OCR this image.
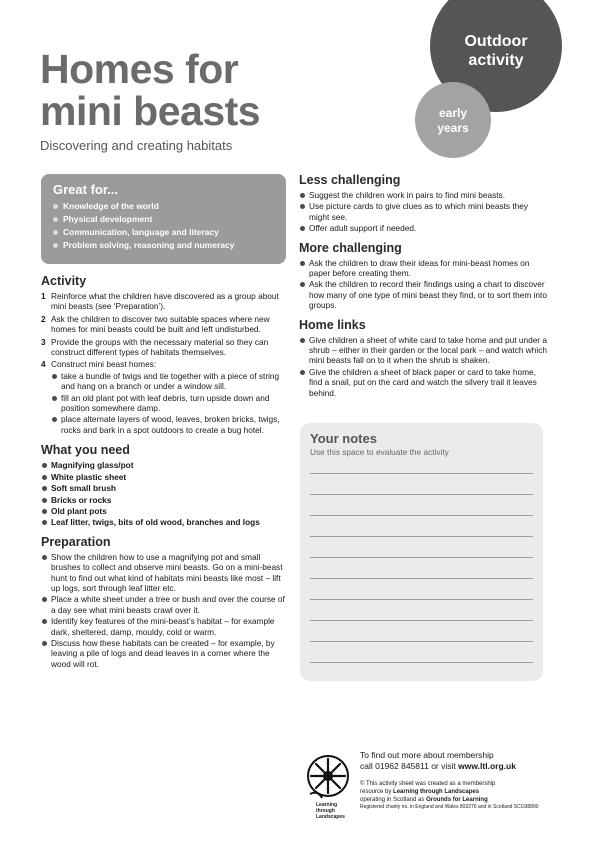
Homes for
mini beasts
Discovering and creating habitats
Outdoor
activity
early
years
Great for...
Knowledge of the world
Physical development
Communication, language and literacy
Problem solving, reasoning and numeracy
Activity
1 Reinforce what the children have discovered as a group about mini beasts (see ‘Preparation’).
2 Ask the children to discover two suitable spaces where new homes for mini beasts could be built and left undisturbed.
3 Provide the groups with the necessary material so they can construct different types of habitats themselves.
4 Construct mini beast homes:
take a bundle of twigs and tie together with a piece of string and hang on a branch or under a window sill.
fill an old plant pot with leaf debris, turn upside down and position somewhere damp.
place alternate layers of wood, leaves, broken bricks, twigs, rocks and bark in a spot outdoors to create a bug hotel.
What you need
Magnifying glass/pot
White plastic sheet
Soft small brush
Bricks or rocks
Old plant pots
Leaf litter, twigs, bits of old wood, branches and logs
Preparation
Show the children how to use a magnifying pot and small brushes to collect and observe mini beasts. Go on a mini-beast hunt to find out what kind of habitats mini beasts like most – lift up logs, sort through leaf litter etc.
Place a white sheet under a tree or bush and over the course of a day see what mini beasts crawl over it.
Identify key features of the mini-beast’s habitat – for example dark, sheltered, damp, mouldy, cold or warm.
Discuss how these habitats can be created – for example, by leaving a pile of logs and dead leaves in a corner where the wood will rot.
Less challenging
Suggest the children work in pairs to find mini beasts.
Use picture cards to give clues as to which mini beasts they might see.
Offer adult support if needed.
More challenging
Ask the children to draw their ideas for mini-beast homes on paper before creating them.
Ask the children to record their findings using a chart to discover how many of one type of mini beast they find, or to sort them into groups.
Home links
Give children a sheet of white card to take home and put under a shrub – either in their garden or the local park – and watch which mini beasts fall on to it when the shrub is shaken.
Give the children a sheet of black paper or card to take home, find a snail, put on the card and watch the silvery trail it leaves behind.
Your notes
Use this space to evaluate the activity
Learning
through
Landscapes
To find out more about membership
call 01962 845811 or visit www.ltl.org.uk
© This activity sheet was created as a membership
resource by Learning through Landscapes
operating in Scotland as Grounds for Learning
Registered charity no. in England and Wales 803270 and in Scotland SCO38890
